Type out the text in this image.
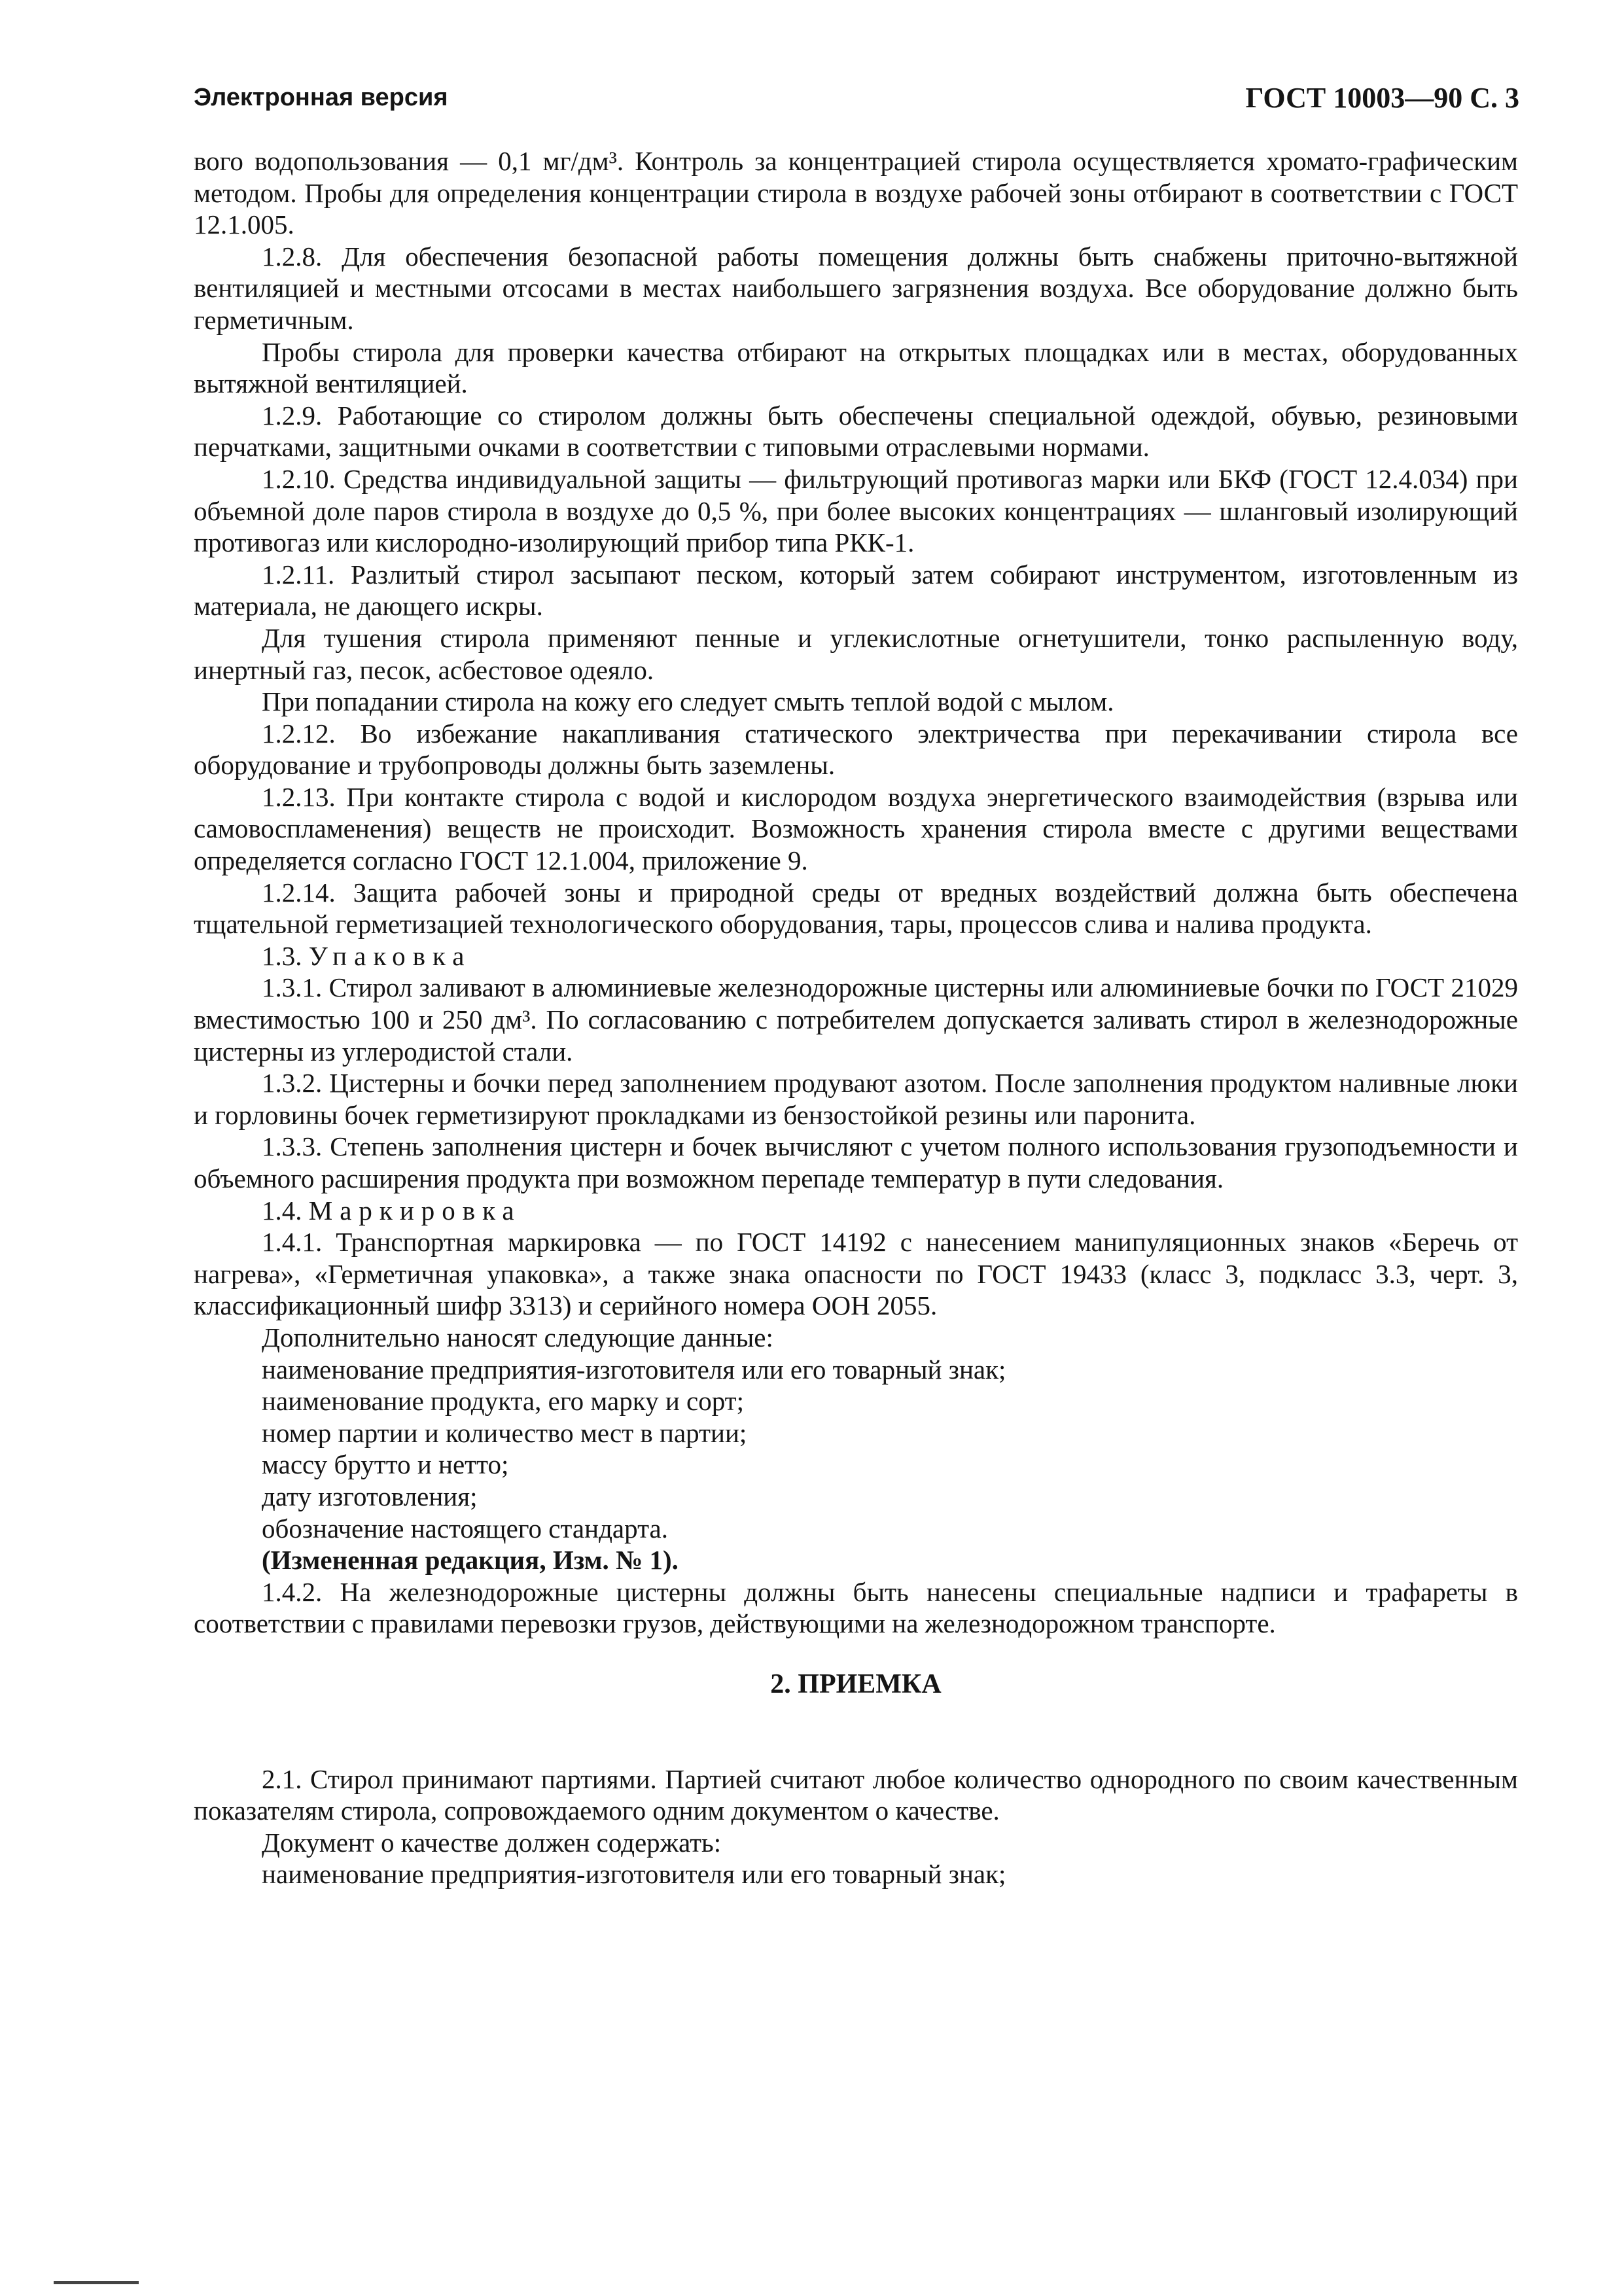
Электронная версия	ГОСТ 10003—90 С. 3

вого водопользования — 0,1 мг/дм³. Контроль за концентрацией стирола осуществляется хромато-графическим методом. Пробы для определения концентрации стирола в воздухе рабочей зоны отбирают в соответствии с ГОСТ 12.1.005.

1.2.8. Для обеспечения безопасной работы помещения должны быть снабжены приточно-вытяжной вентиляцией и местными отсосами в местах наибольшего загрязнения воздуха. Все оборудование должно быть герметичным.

Пробы стирола для проверки качества отбирают на открытых площадках или в местах, оборудованных вытяжной вентиляцией.

1.2.9. Работающие со стиролом должны быть обеспечены специальной одеждой, обувью, резиновыми перчатками, защитными очками в соответствии с типовыми отраслевыми нормами.

1.2.10. Средства индивидуальной защиты — фильтрующий противогаз марки или БКФ (ГОСТ 12.4.034) при объемной доле паров стирола в воздухе до 0,5 %, при более высоких концентрациях — шланговый изолирующий противогаз или кислородно-изолирующий прибор типа РКК-1.

1.2.11. Разлитый стирол засыпают песком, который затем собирают инструментом, изготовленным из материала, не дающего искры.

Для тушения стирола применяют пенные и углекислотные огнетушители, тонко распыленную воду, инертный газ, песок, асбестовое одеяло.

При попадании стирола на кожу его следует смыть теплой водой с мылом.

1.2.12. Во избежание накапливания статического электричества при перекачивании стирола все оборудование и трубопроводы должны быть заземлены.

1.2.13. При контакте стирола с водой и кислородом воздуха энергетического взаимодействия (взрыва или самовоспламенения) веществ не происходит. Возможность хранения стирола вместе с другими веществами определяется согласно ГОСТ 12.1.004, приложение 9.

1.2.14. Защита рабочей зоны и природной среды от вредных воздействий должна быть обеспечена тщательной герметизацией технологического оборудования, тары, процессов слива и налива продукта.

1.3. Упаковка

1.3.1. Стирол заливают в алюминиевые железнодорожные цистерны или алюминиевые бочки по ГОСТ 21029 вместимостью 100 и 250 дм³. По согласованию с потребителем допускается заливать стирол в железнодорожные цистерны из углеродистой стали.

1.3.2. Цистерны и бочки перед заполнением продувают азотом. После заполнения продуктом наливные люки и горловины бочек герметизируют прокладками из бензостойкой резины или паронита.

1.3.3. Степень заполнения цистерн и бочек вычисляют с учетом полного использования грузоподъемности и объемного расширения продукта при возможном перепаде температур в пути следования.

1.4. Маркировка

1.4.1. Транспортная маркировка — по ГОСТ 14192 с нанесением манипуляционных знаков «Беречь от нагрева», «Герметичная упаковка», а также знака опасности по ГОСТ 19433 (класс 3, подкласс 3.3, черт. 3, классификационный шифр 3313) и серийного номера ООН 2055.

Дополнительно наносят следующие данные:

наименование предприятия-изготовителя или его товарный знак;

наименование продукта, его марку и сорт;

номер партии и количество мест в партии;

массу брутто и нетто;

дату изготовления;

обозначение настоящего стандарта.

(Измененная редакция, Изм. № 1).

1.4.2. На железнодорожные цистерны должны быть нанесены специальные надписи и трафареты в соответствии с правилами перевозки грузов, действующими на железнодорожном транспорте.

2. ПРИЕМКА

2.1. Стирол принимают партиями. Партией считают любое количество однородного по своим качественным показателям стирола, сопровождаемого одним документом о качестве.

Документ о качестве должен содержать:

наименование предприятия-изготовителя или его товарный знак;
